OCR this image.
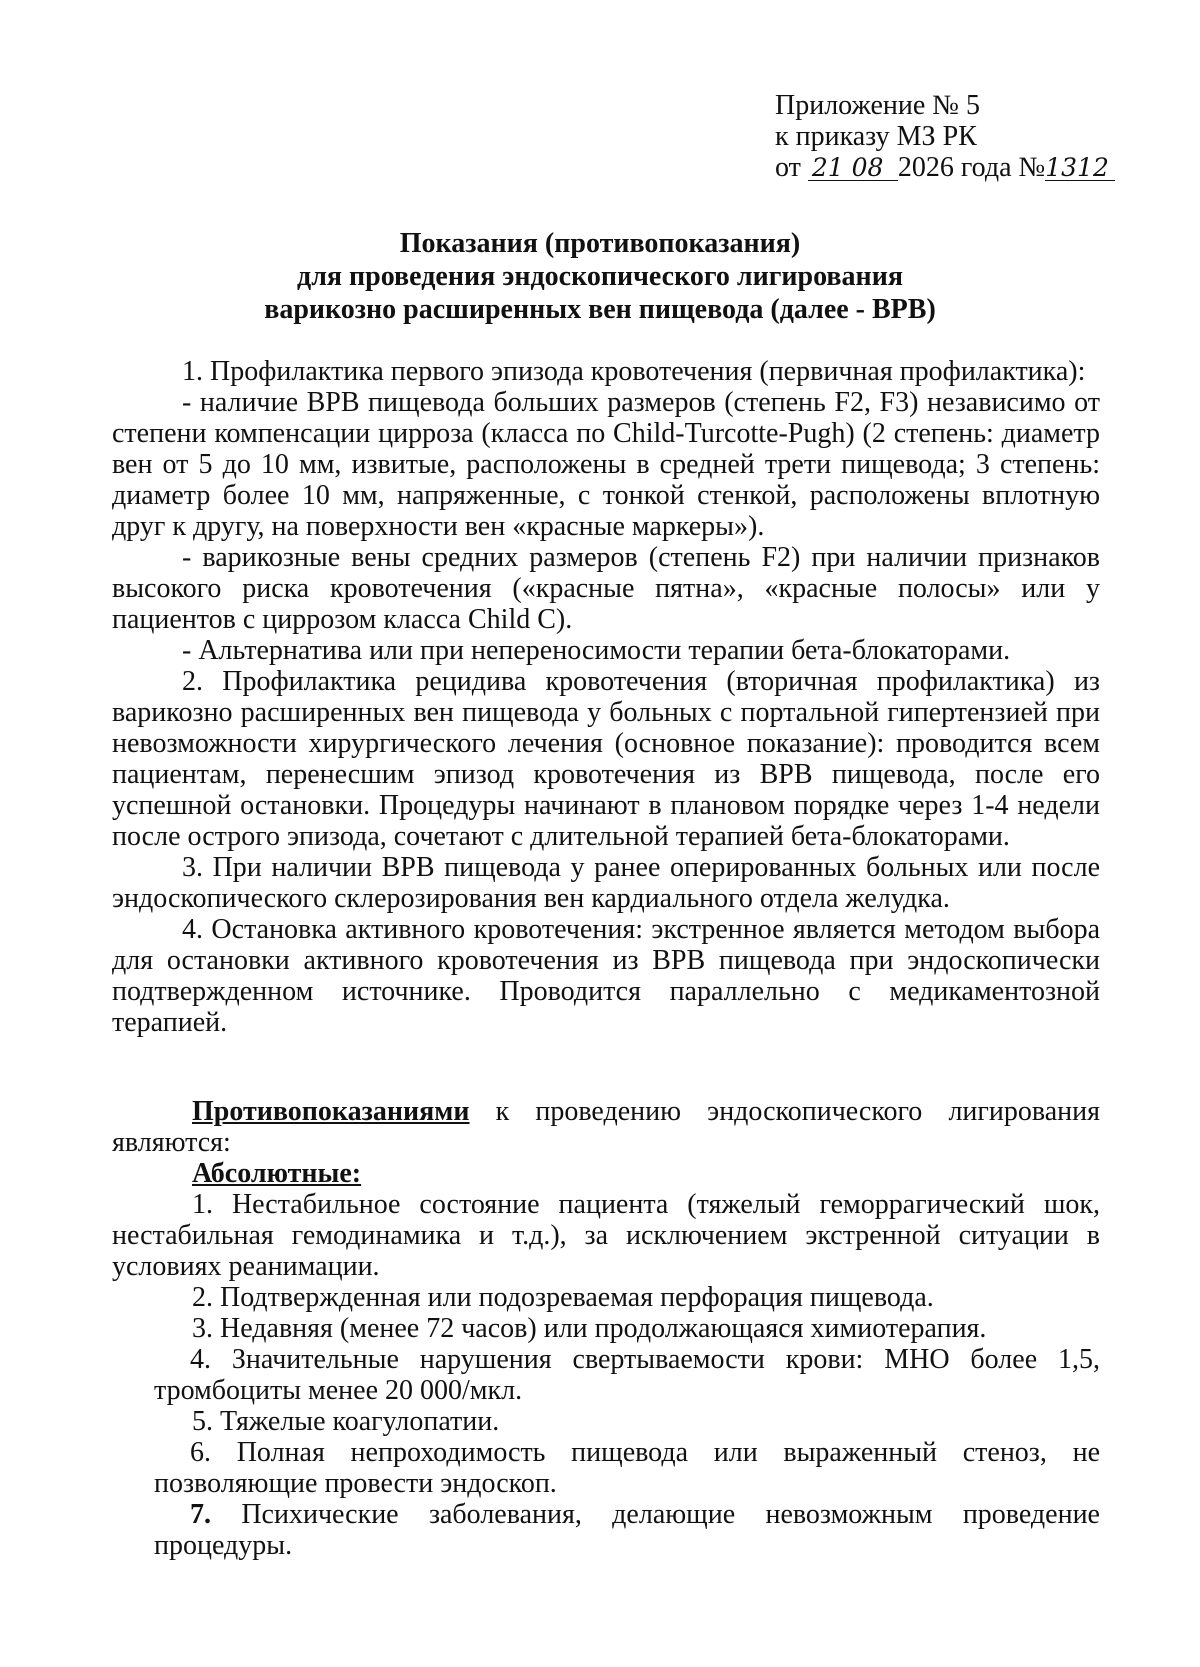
Приложение № 5
к приказу МЗ РК
от 21 08 2026 года №1312
Показания (противопоказания)
для проведения эндоскопического лигирования
варикозно расширенных вен пищевода (далее - ВРВ)

1. Профилактика первого эпизода кровотечения (первичная профилактика):

- наличие ВРВ пищевода больших размеров (степень F2, F3) независимо от степени компенсации цирроза (класса по Child-Turcotte-Pugh) (2 степень: диаметр вен от 5 до 10 мм, извитые, расположены в средней трети пищевода; 3 степень: диаметр более 10 мм, напряженные, с тонкой стенкой, расположены вплотную друг к другу, на поверхности вен «красные маркеры»).

- варикозные вены средних размеров (степень F2) при наличии признаков высокого риска кровотечения («красные пятна», «красные полосы» или у пациентов с циррозом класса Child C).

- Альтернатива или при непереносимости терапии бета-блокаторами.

2. Профилактика рецидива кровотечения (вторичная профилактика) из варикозно расширенных вен пищевода у больных с портальной гипертензией при невозможности хирургического лечения (основное показание): проводится всем пациентам, перенесшим эпизод кровотечения из ВРВ пищевода, после его успешной остановки. Процедуры начинают в плановом порядке через 1-4 недели после острого эпизода, сочетают с длительной терапией бета-блокаторами.

3. При наличии ВРВ пищевода у ранее оперированных больных или после эндоскопического склерозирования вен кардиального отдела желудка.

4. Остановка активного кровотечения: экстренное является методом выбора для остановки активного кровотечения из ВРВ пищевода при эндоскопически подтвержденном источнике. Проводится параллельно с медикаментозной терапией.

Противопоказаниями к проведению эндоскопического лигирования являются:

Абсолютные:

1. Нестабильное состояние пациента (тяжелый геморрагический шок, нестабильная гемодинамика и т.д.), за исключением экстренной ситуации в условиях реанимации.

2. Подтвержденная или подозреваемая перфорация пищевода.

3. Недавняя (менее 72 часов) или продолжающаяся химиотерапия.

4. Значительные нарушения свертываемости крови: МНО более 1,5, тромбоциты менее 20 000/мкл.

5. Тяжелые коагулопатии.

6. Полная непроходимость пищевода или выраженный стеноз, не позволяющие провести эндоскоп.

7. Психические заболевания, делающие невозможным проведение процедуры.
